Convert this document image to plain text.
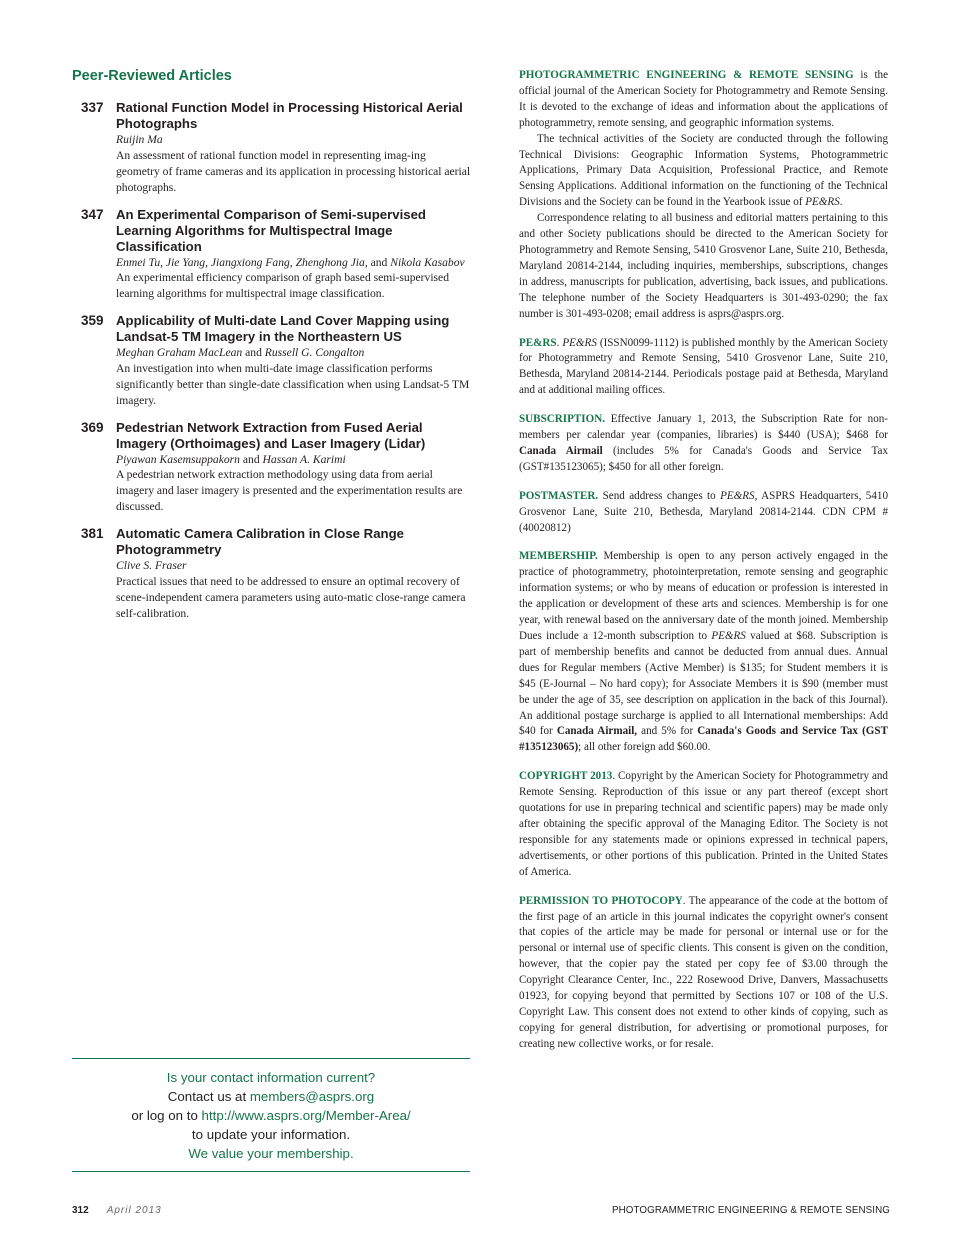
Peer-Reviewed Articles
337 Rational Function Model in Processing Historical Aerial Photographs
Ruijin Ma
An assessment of rational function model in representing imag-ing geometry of frame cameras and its application in processing historical aerial photographs.
347 An Experimental Comparison of Semi-supervised Learning Algorithms for Multispectral Image Classification
Enmei Tu, Jie Yang, Jiangxiong Fang, Zhenghong Jia, and Nikola Kasabov
An experimental efficiency comparison of graph based semi-supervised learning algorithms for multispectral image classification.
359 Applicability of Multi-date Land Cover Mapping using Landsat-5 TM Imagery in the Northeastern US
Meghan Graham MacLean and Russell G. Congalton
An investigation into when multi-date image classification performs significantly better than single-date classification when using Landsat-5 TM imagery.
369 Pedestrian Network Extraction from Fused Aerial Imagery (Orthoimages) and Laser Imagery (Lidar)
Piyawan Kasemsuppakorn and Hassan A. Karimi
A pedestrian network extraction methodology using data from aerial imagery and laser imagery is presented and the experimentation results are discussed.
381 Automatic Camera Calibration in Close Range Photogrammetry
Clive S. Fraser
Practical issues that need to be addressed to ensure an optimal recovery of scene-independent camera parameters using auto-matic close-range camera self-calibration.
Is your contact information current?
Contact us at members@asprs.org
or log on to http://www.asprs.org/Member-Area/
to update your information.
We value your membership.

PHOTOGRAMMETRIC ENGINEERING & REMOTE SENSING is the official journal of the American Society for Photogrammetry and Remote Sensing. It is devoted to the exchange of ideas and information about the applications of photogrammetry, remote sensing, and geographic information systems.

The technical activities of the Society are conducted through the following Technical Divisions: Geographic Information Systems, Photogrammetric Applications, Primary Data Acquisition, Professional Practice, and Remote Sensing Applications. Additional information on the functioning of the Technical Divisions and the Society can be found in the Yearbook issue of PE&RS.

Correspondence relating to all business and editorial matters pertaining to this and other Society publications should be directed to the American Society for Photogrammetry and Remote Sensing, 5410 Grosvenor Lane, Suite 210, Bethesda, Maryland 20814-2144, including inquiries, memberships, subscriptions, changes in address, manuscripts for publication, advertising, back issues, and publications. The telephone number of the Society Headquarters is 301-493-0290; the fax number is 301-493-0208; email address is asprs@asprs.org.

PE&RS. PE&RS (ISSN0099-1112) is published monthly by the American Society for Photogrammetry and Remote Sensing, 5410 Grosvenor Lane, Suite 210, Bethesda, Maryland 20814-2144. Periodicals postage paid at Bethesda, Maryland and at additional mailing offices.

SUBSCRIPTION. Effective January 1, 2013, the Subscription Rate for non-members per calendar year (companies, libraries) is $440 (USA); $468 for Canada Airmail (includes 5% for Canada's Goods and Service Tax (GST#135123065); $450 for all other foreign.

POSTMASTER. Send address changes to PE&RS, ASPRS Headquarters, 5410 Grosvenor Lane, Suite 210, Bethesda, Maryland 20814-2144. CDN CPM #(40020812)

MEMBERSHIP. Membership is open to any person actively engaged in the practice of photogrammetry, photointerpretation, remote sensing and geographic information systems; or who by means of education or profession is interested in the application or development of these arts and sciences. Membership is for one year, with renewal based on the anniversary date of the month joined. Membership Dues include a 12-month subscription to PE&RS valued at $68. Subscription is part of membership benefits and cannot be deducted from annual dues. Annual dues for Regular members (Active Member) is $135; for Student members it is $45 (E-Journal – No hard copy); for Associate Members it is $90 (member must be under the age of 35, see description on application in the back of this Journal). An additional postage surcharge is applied to all International memberships: Add $40 for Canada Airmail, and 5% for Canada's Goods and Service Tax (GST #135123065); all other foreign add $60.00.

COPYRIGHT 2013. Copyright by the American Society for Photogrammetry and Remote Sensing. Reproduction of this issue or any part thereof (except short quotations for use in preparing technical and scientific papers) may be made only after obtaining the specific approval of the Managing Editor. The Society is not responsible for any statements made or opinions expressed in technical papers, advertisements, or other portions of this publication. Printed in the United States of America.

PERMISSION TO PHOTOCOPY. The appearance of the code at the bottom of the first page of an article in this journal indicates the copyright owner's consent that copies of the article may be made for personal or internal use or for the personal or internal use of specific clients. This consent is given on the condition, however, that the copier pay the stated per copy fee of $3.00 through the Copyright Clearance Center, Inc., 222 Rosewood Drive, Danvers, Massachusetts 01923, for copying beyond that permitted by Sections 107 or 108 of the U.S. Copyright Law. This consent does not extend to other kinds of copying, such as copying for general distribution, for advertising or promotional purposes, for creating new collective works, or for resale.

312 April 2013	PHOTOGRAMMETRIC ENGINEERING & REMOTE SENSING
